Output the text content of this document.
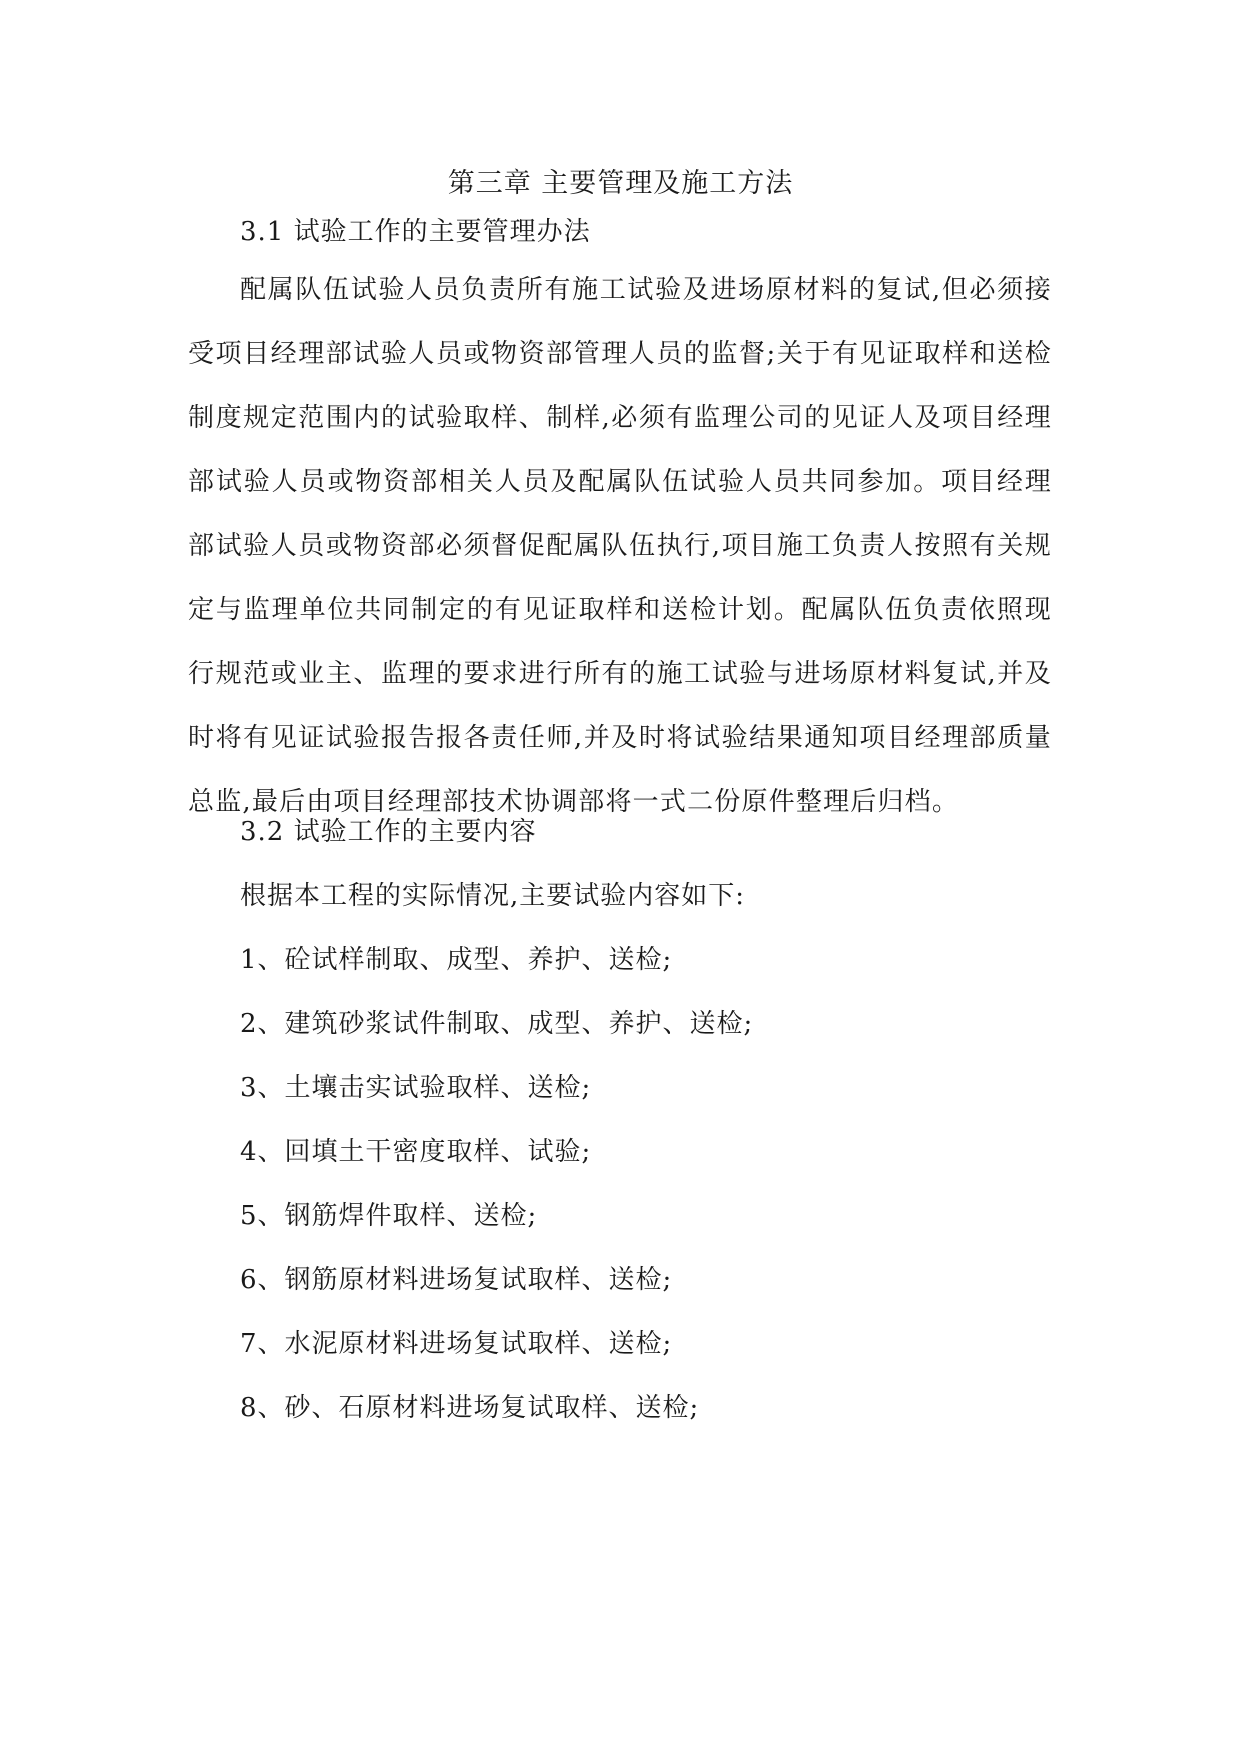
第三章 主要管理及施工方法
3.1 试验工作的主要管理办法

配属队伍试验人员负责所有施工试验及进场原材料的复试,但必须接受项目经理部试验人员或物资部管理人员的监督;关于有见证取样和送检制度规定范围内的试验取样、制样,必须有监理公司的见证人及项目经理部试验人员或物资部相关人员及配属队伍试验人员共同参加。项目经理部试验人员或物资部必须督促配属队伍执行,项目施工负责人按照有关规定与监理单位共同制定的有见证取样和送检计划。配属队伍负责依照现行规范或业主、监理的要求进行所有的施工试验与进场原材料复试,并及时将有见证试验报告报各责任师,并及时将试验结果通知项目经理部质量总监,最后由项目经理部技术协调部将一式二份原件整理后归档。

3.2 试验工作的主要内容
根据本工程的实际情况,主要试验内容如下:
1、砼试样制取、成型、养护、送检;
2、建筑砂浆试件制取、成型、养护、送检;
3、土壤击实试验取样、送检;
4、回填土干密度取样、试验;
5、钢筋焊件取样、送检;
6、钢筋原材料进场复试取样、送检;
7、水泥原材料进场复试取样、送检;
8、砂、石原材料进场复试取样、送检;
